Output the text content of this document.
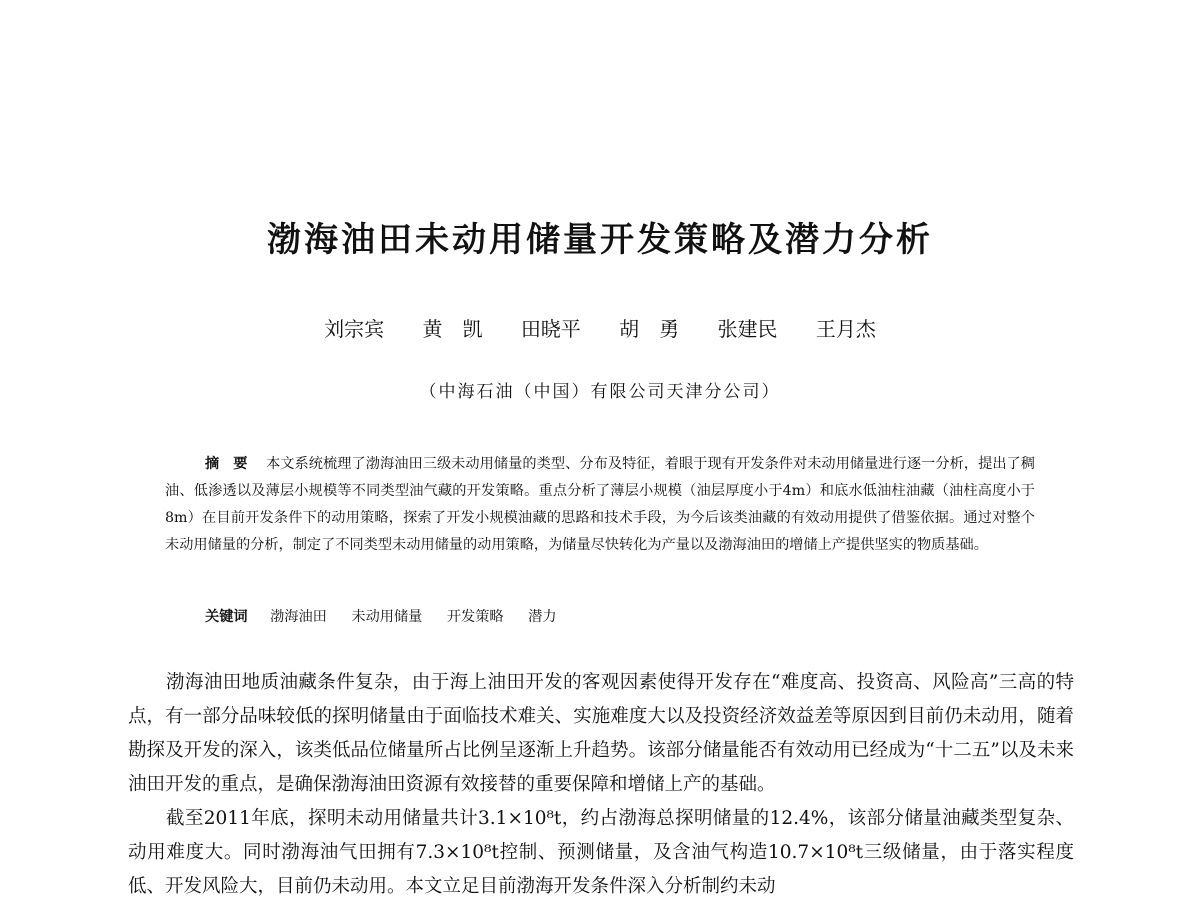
渤海油田未动用储量开发策略及潜力分析
刘宗宾 黄　凯 田晓平 胡　勇 张建民 王月杰
（中海石油（中国）有限公司天津分公司）
摘要 本文系统梳理了渤海油田三级未动用储量的类型、分布及特征，着眼于现有开发条件对未动用储量进行逐一分析，提出了稠油、低渗透以及薄层小规模等不同类型油气藏的开发策略。重点分析了薄层小规模（油层厚度小于4m）和底水低油柱油藏（油柱高度小于8m）在目前开发条件下的动用策略，探索了开发小规模油藏的思路和技术手段，为今后该类油藏的有效动用提供了借鉴依据。通过对整个未动用储量的分析，制定了不同类型未动用储量的动用策略，为储量尽快转化为产量以及渤海油田的增储上产提供坚实的物质基础。
关键词 渤海油田 未动用储量 开发策略 潜力

渤海油田地质油藏条件复杂，由于海上油田开发的客观因素使得开发存在“难度高、投资高、风险高”三高的特点，有一部分品味较低的探明储量由于面临技术难关、实施难度大以及投资经济效益差等原因到目前仍未动用，随着勘探及开发的深入，该类低品位储量所占比例呈逐渐上升趋势。该部分储量能否有效动用已经成为“十二五”以及未来油田开发的重点，是确保渤海油田资源有效接替的重要保障和增储上产的基础。

截至2011年底，探明未动用储量共计3.1×10⁸t，约占渤海总探明储量的12.4%，该部分储量油藏类型复杂、动用难度大。同时渤海油气田拥有7.3×10⁸t控制、预测储量，及含油气构造10.7×10⁸t三级储量，由于落实程度低、开发风险大，目前仍未动用。本文立足目前渤海开发条件深入分析制约未动
